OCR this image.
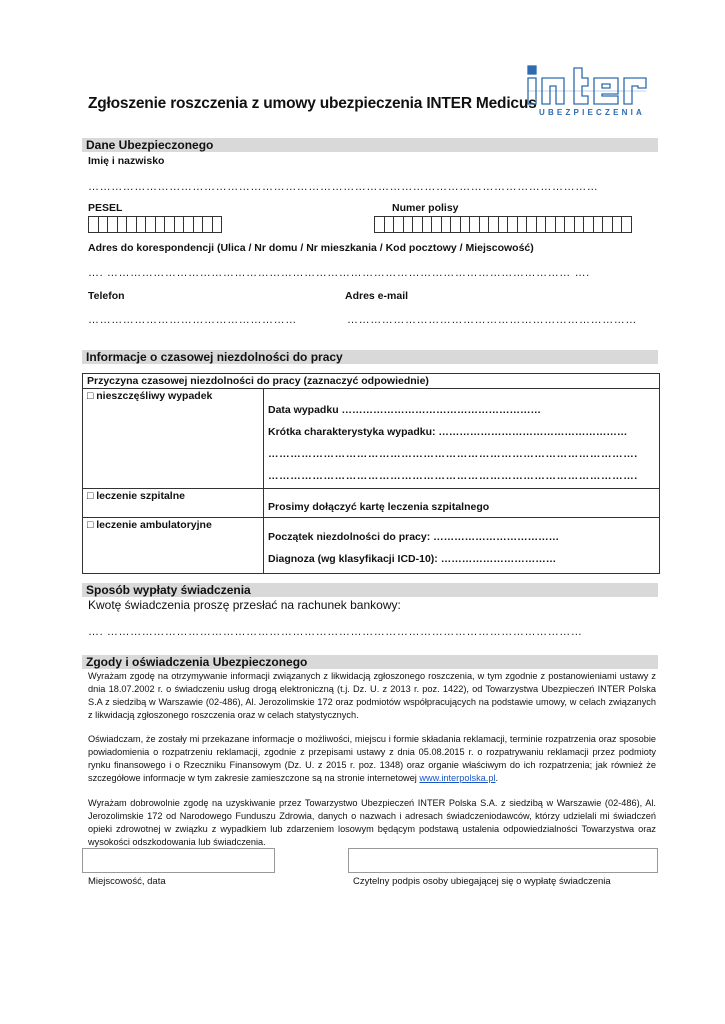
Zgłoszenie roszczenia z umowy ubezpieczenia INTER Medicus
UBEZPIECZENIA
Dane Ubezpieczonego
Imię i nazwisko
……………………………………………………………………………………………………………………
PESEL	Numer polisy
Adres do korespondencji (Ulica / Nr domu / Nr mieszkania / Kod pocztowy / Miejscowość)
…. ………………………………………………………………………………………………………… ….
Telefon	Adres e-mail
………………………………………………	…………………………………………………………………
Informacje o czasowej niezdolności do pracy
Przyczyna czasowej niezdolności do pracy (zaznaczyć odpowiednie)	
□ nieszczęśliwy wypadek	Data wypadku …………………………………………………
Krótka charakterystyka wypadku: ………………………………………………
……………………………………………………………………………………….
……………………………………………………………………………………….

□ leczenie szpitalne	Prosimy dołączyć kartę leczenia szpitalnego
□ leczenie ambulatoryjne	Początek niezdolności do pracy: ………………………………
Diagnoza (wg klasyfikacji ICD-10): ……………………………
Sposób wypłaty świadczenia
Kwotę świadczenia proszę przesłać na rachunek bankowy:
…. ……………………………………………………………………………………………………………
Zgody i oświadczenia Ubezpieczonego
Wyrażam zgodę na otrzymywanie informacji związanych z likwidacją zgłoszonego roszczenia, w tym zgodnie z postanowieniami ustawy z dnia 18.07.2002 r. o świadczeniu usług drogą elektroniczną (t.j. Dz. U. z 2013 r. poz. 1422), od Towarzystwa Ubezpieczeń INTER Polska S.A z siedzibą w Warszawie (02-486), Al. Jerozolimskie 172 oraz podmiotów współpracujących na podstawie umowy, w celach związanych z likwidacją zgłoszonego roszczenia oraz w celach statystycznych.
Oświadczam, że zostały mi przekazane informacje o możliwości, miejscu i formie składania reklamacji, terminie rozpatrzenia oraz sposobie powiadomienia o rozpatrzeniu reklamacji, zgodnie z przepisami ustawy z dnia 05.08.2015 r. o rozpatrywaniu reklamacji przez podmioty rynku finansowego i o Rzeczniku Finansowym (Dz. U. z 2015 r. poz. 1348) oraz organie właściwym do ich rozpatrzenia; jak również że szczegółowe informacje w tym zakresie zamieszczone są na stronie internetowej www.interpolska.pl.
Wyrażam dobrowolnie zgodę na uzyskiwanie przez Towarzystwo Ubezpieczeń INTER Polska S.A. z siedzibą w Warszawie (02-486), Al. Jerozolimskie 172 od Narodowego Funduszu Zdrowia, danych o nazwach i adresach świadczeniodawców, którzy udzielali mi świadczeń opieki zdrowotnej w związku z wypadkiem lub zdarzeniem losowym będącym podstawą ustalenia odpowiedzialności Towarzystwa oraz wysokości odszkodowania lub świadczenia.
Miejscowość, data	Czytelny podpis osoby ubiegającej się o wypłatę świadczenia
